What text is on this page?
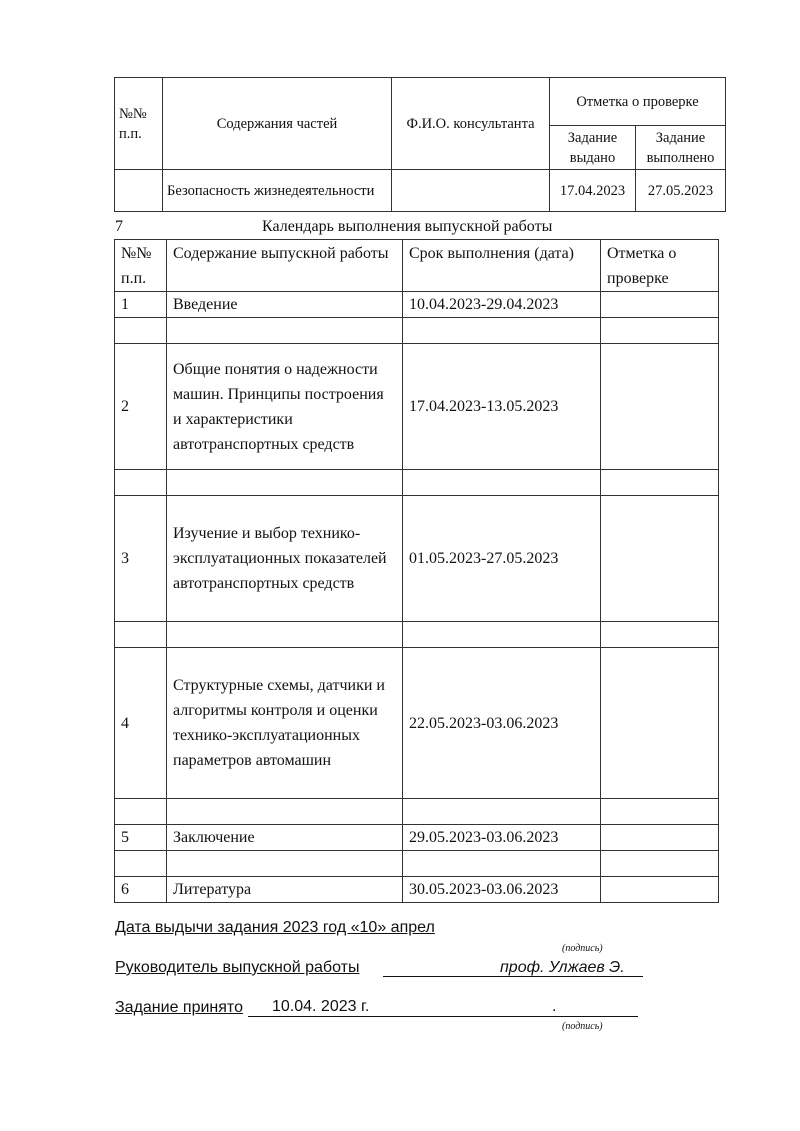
№№ п.п.	Содержания частей	Ф.И.О. консультанта	Отметка о проверке	
			Задание выдано	Задание выполнено
	Безопасность жизнедеятельности		17.04.2023	27.05.2023
7	Календарь выполнения выпускной работы
№№ п.п.	Содержание выпускной работы	Срок выполнения (дата)	Отметка о проверке
1	Введение	10.04.2023-29.04.2023	

2	Общие понятия о надежности машин. Принципы построения и характеристики автотранспортных средств	17.04.2023-13.05.2023	

3	Изучение и выбор технико-эксплуатационных показателей автотранспортных средств	01.05.2023-27.05.2023	

4	Структурные схемы, датчики и алгоритмы контроля и оценки технико-эксплуатационных параметров автомашин	22.05.2023-03.06.2023	

5	Заключение	29.05.2023-03.06.2023	

6	Литература	30.05.2023-03.06.2023	
Дата выдычи задания 2023 год «10» апрел
(подпись)
Руководитель выпускной работы	проф. Улжаев Э.
Задание принято 10.04. 2023 г.	.
(подпись)
